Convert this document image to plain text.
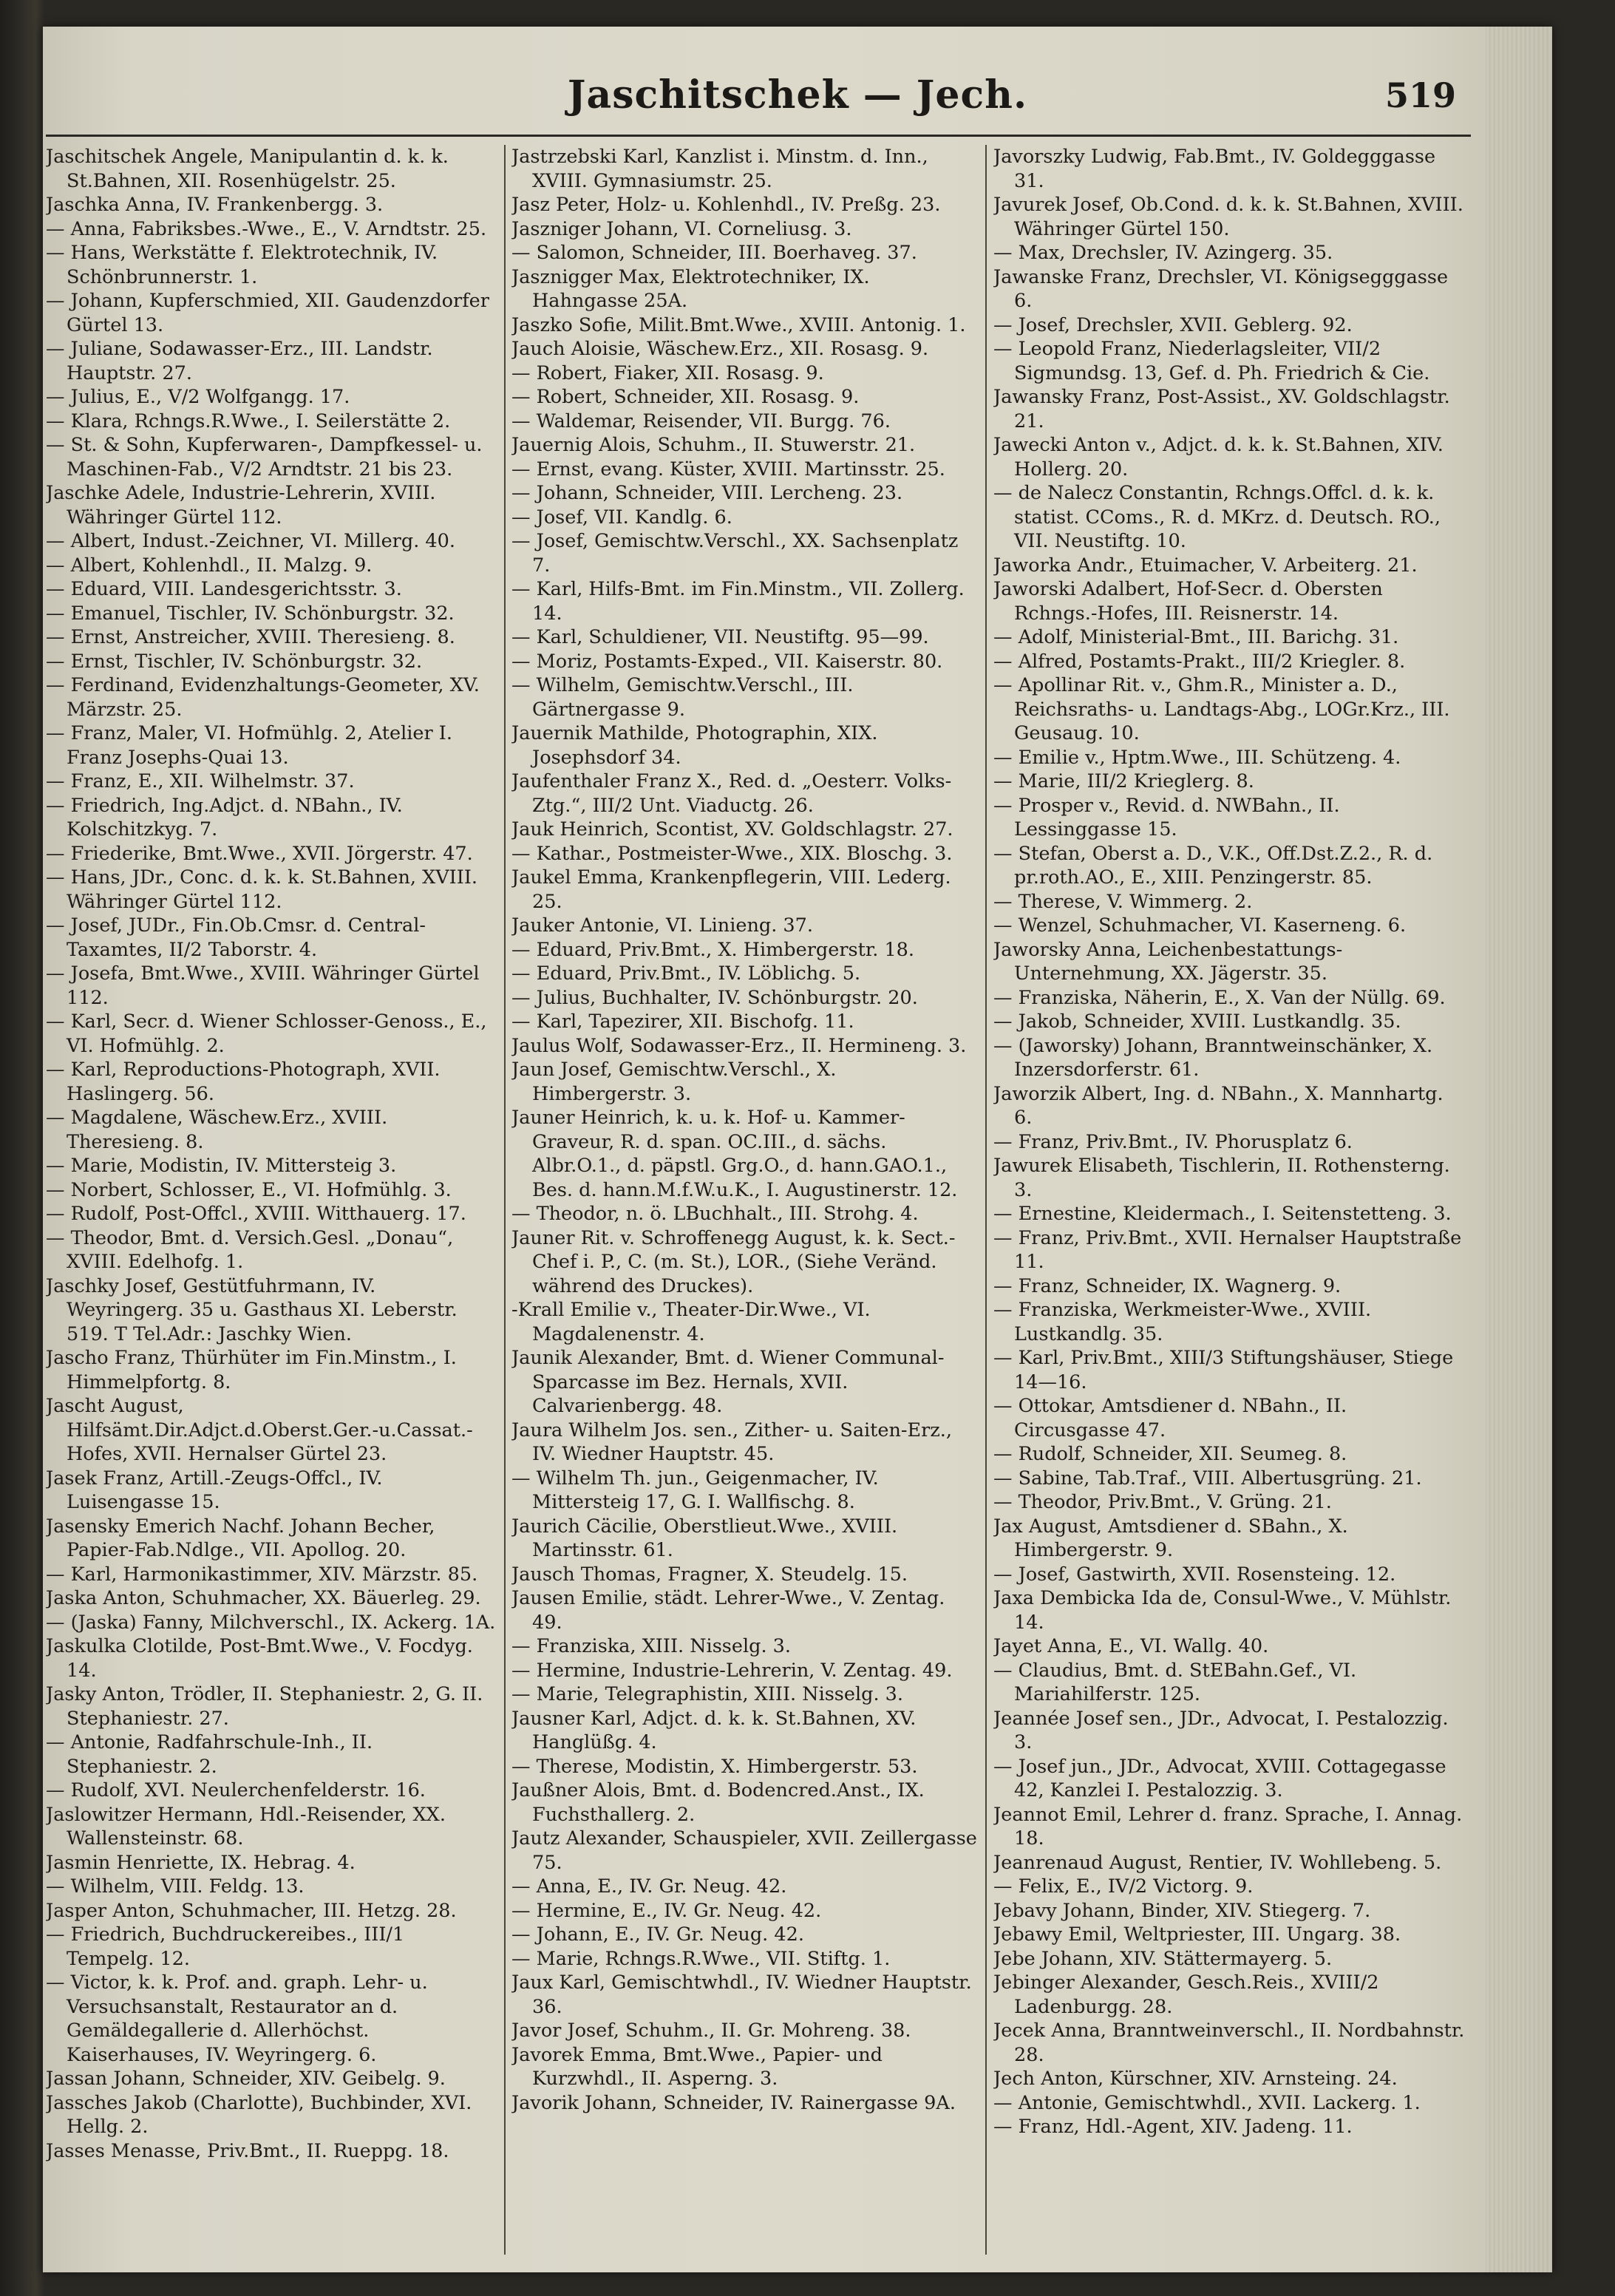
Jaschitschek — Jech.	519

Jaschitschek Angele, Manipulantin d. k. k. St.Bahnen, XII. Rosenhügelstr. 25.

Jaschka Anna, IV. Frankenbergg. 3.

— Anna, Fabriksbes.-Wwe., E., V. Arndtstr. 25.

— Hans, Werkstätte f. Elektrotechnik, IV. Schönbrunnerstr. 1.

— Johann, Kupferschmied, XII. Gaudenzdorfer Gürtel 13.

— Juliane, Sodawasser-Erz., III. Landstr. Hauptstr. 27.

— Julius, E., V/2 Wolfgangg. 17.

— Klara, Rchngs.R.Wwe., I. Seilerstätte 2.

— St. & Sohn, Kupferwaren-, Dampfkessel- u. Maschinen-Fab., V/2 Arndtstr. 21 bis 23.

Jaschke Adele, Industrie-Lehrerin, XVIII. Währinger Gürtel 112.

— Albert, Indust.-Zeichner, VI. Millerg. 40.

— Albert, Kohlenhdl., II. Malzg. 9.

— Eduard, VIII. Landesgerichtsstr. 3.

— Emanuel, Tischler, IV. Schönburgstr. 32.

— Ernst, Anstreicher, XVIII. Theresieng. 8.

— Ernst, Tischler, IV. Schönburgstr. 32.

— Ferdinand, Evidenzhaltungs-Geometer, XV. Märzstr. 25.

— Franz, Maler, VI. Hofmühlg. 2, Atelier I. Franz Josephs-Quai 13.

— Franz, E., XII. Wilhelmstr. 37.

— Friedrich, Ing.Adjct. d. NBahn., IV. Kolschitzkyg. 7.

— Friederike, Bmt.Wwe., XVII. Jörgerstr. 47.

— Hans, JDr., Conc. d. k. k. St.Bahnen, XVIII. Währinger Gürtel 112.

— Josef, JUDr., Fin.Ob.Cmsr. d. Central-Taxamtes, II/2 Taborstr. 4.

— Josefa, Bmt.Wwe., XVIII. Währinger Gürtel 112.

— Karl, Secr. d. Wiener Schlosser-Genoss., E., VI. Hofmühlg. 2.

— Karl, Reproductions-Photograph, XVII. Haslingerg. 56.

— Magdalene, Wäschew.Erz., XVIII. Theresieng. 8.

— Marie, Modistin, IV. Mittersteig 3.

— Norbert, Schlosser, E., VI. Hofmühlg. 3.

— Rudolf, Post-Offcl., XVIII. Witthauerg. 17.

— Theodor, Bmt. d. Versich.Gesl. „Donau“, XVIII. Edelhofg. 1.

Jaschky Josef, Gestütfuhrmann, IV. Weyringerg. 35 u. Gasthaus XI. Leberstr. 519. T Tel.Adr.: Jaschky Wien.

Jascho Franz, Thürhüter im Fin.Minstm., I. Himmelpfortg. 8.

Jascht August, Hilfsämt.Dir.Adjct.d.Oberst.Ger.-u.Cassat.-Hofes, XVII. Hernalser Gürtel 23.

Jasek Franz, Artill.-Zeugs-Offcl., IV. Luisengasse 15.

Jasensky Emerich Nachf. Johann Becher, Papier-Fab.Ndlge., VII. Apollog. 20.

— Karl, Harmonikastimmer, XIV. Märzstr. 85.

Jaska Anton, Schuhmacher, XX. Bäuerleg. 29.

— (Jaska) Fanny, Milchverschl., IX. Ackerg. 1A.

Jaskulka Clotilde, Post-Bmt.Wwe., V. Focdyg. 14.

Jasky Anton, Trödler, II. Stephaniestr. 2, G. II. Stephaniestr. 27.

— Antonie, Radfahrschule-Inh., II. Stephaniestr. 2.

— Rudolf, XVI. Neulerchenfelderstr. 16.

Jaslowitzer Hermann, Hdl.-Reisender, XX. Wallensteinstr. 68.

Jasmin Henriette, IX. Hebrag. 4.

— Wilhelm, VIII. Feldg. 13.

Jasper Anton, Schuhmacher, III. Hetzg. 28.

— Friedrich, Buchdruckereibes., III/1 Tempelg. 12.

— Victor, k. k. Prof. and. graph. Lehr- u. Versuchsanstalt, Restaurator an d. Gemäldegallerie d. Allerhöchst. Kaiserhauses, IV. Weyringerg. 6.

Jassan Johann, Schneider, XIV. Geibelg. 9.

Jassches Jakob (Charlotte), Buchbinder, XVI. Hellg. 2.

Jasses Menasse, Priv.Bmt., II. Rueppg. 18.

Jastrzebski Karl, Kanzlist i. Minstm. d. Inn., XVIII. Gymnasiumstr. 25.

Jasz Peter, Holz- u. Kohlenhdl., IV. Preßg. 23.

Jaszniger Johann, VI. Corneliusg. 3.

— Salomon, Schneider, III. Boerhaveg. 37.

Jasznigger Max, Elektrotechniker, IX. Hahngasse 25A.

Jaszko Sofie, Milit.Bmt.Wwe., XVIII. Antonig. 1.

Jauch Aloisie, Wäschew.Erz., XII. Rosasg. 9.

— Robert, Fiaker, XII. Rosasg. 9.

— Robert, Schneider, XII. Rosasg. 9.

— Waldemar, Reisender, VII. Burgg. 76.

Jauernig Alois, Schuhm., II. Stuwerstr. 21.

— Ernst, evang. Küster, XVIII. Martinsstr. 25.

— Johann, Schneider, VIII. Lercheng. 23.

— Josef, VII. Kandlg. 6.

— Josef, Gemischtw.Verschl., XX. Sachsenplatz 7.

— Karl, Hilfs-Bmt. im Fin.Minstm., VII. Zollerg. 14.

— Karl, Schuldiener, VII. Neustiftg. 95—99.

— Moriz, Postamts-Exped., VII. Kaiserstr. 80.

— Wilhelm, Gemischtw.Verschl., III. Gärtnergasse 9.

Jauernik Mathilde, Photographin, XIX. Josephsdorf 34.

Jaufenthaler Franz X., Red. d. „Oesterr. Volks-Ztg.“, III/2 Unt. Viaductg. 26.

Jauk Heinrich, Scontist, XV. Goldschlagstr. 27.

— Kathar., Postmeister-Wwe., XIX. Bloschg. 3.

Jaukel Emma, Krankenpflegerin, VIII. Lederg. 25.

Jauker Antonie, VI. Linieng. 37.

— Eduard, Priv.Bmt., X. Himbergerstr. 18.

— Eduard, Priv.Bmt., IV. Löblichg. 5.

— Julius, Buchhalter, IV. Schönburgstr. 20.

— Karl, Tapezirer, XII. Bischofg. 11.

Jaulus Wolf, Sodawasser-Erz., II. Hermineng. 3.

Jaun Josef, Gemischtw.Verschl., X. Himbergerstr. 3.

Jauner Heinrich, k. u. k. Hof- u. Kammer-Graveur, R. d. span. OC.III., d. sächs. Albr.O.1., d. päpstl. Grg.O., d. hann.GAO.1., Bes. d. hann.M.f.W.u.K., I. Augustinerstr. 12.

— Theodor, n. ö. LBuchhalt., III. Strohg. 4.

Jauner Rit. v. Schroffenegg August, k. k. Sect.-Chef i. P., C. (m. St.), LOR., (Siehe Veränd. während des Druckes).

-Krall Emilie v., Theater-Dir.Wwe., VI. Magdalenenstr. 4.

Jaunik Alexander, Bmt. d. Wiener Communal-Sparcasse im Bez. Hernals, XVII. Calvarienbergg. 48.

Jaura Wilhelm Jos. sen., Zither- u. Saiten-Erz., IV. Wiedner Hauptstr. 45.

— Wilhelm Th. jun., Geigenmacher, IV. Mittersteig 17, G. I. Wallfischg. 8.

Jaurich Cäcilie, Oberstlieut.Wwe., XVIII. Martinsstr. 61.

Jausch Thomas, Fragner, X. Steudelg. 15.

Jausen Emilie, städt. Lehrer-Wwe., V. Zentag. 49.

— Franziska, XIII. Nisselg. 3.

— Hermine, Industrie-Lehrerin, V. Zentag. 49.

— Marie, Telegraphistin, XIII. Nisselg. 3.

Jausner Karl, Adjct. d. k. k. St.Bahnen, XV. Hanglüßg. 4.

— Therese, Modistin, X. Himbergerstr. 53.

Jaußner Alois, Bmt. d. Bodencred.Anst., IX. Fuchsthallerg. 2.

Jautz Alexander, Schauspieler, XVII. Zeillergasse 75.

— Anna, E., IV. Gr. Neug. 42.

— Hermine, E., IV. Gr. Neug. 42.

— Johann, E., IV. Gr. Neug. 42.

— Marie, Rchngs.R.Wwe., VII. Stiftg. 1.

Jaux Karl, Gemischtwhdl., IV. Wiedner Hauptstr. 36.

Javor Josef, Schuhm., II. Gr. Mohreng. 38.

Javorek Emma, Bmt.Wwe., Papier- und Kurzwhdl., II. Asperng. 3.

Javorik Johann, Schneider, IV. Rainergasse 9A.

Javorszky Ludwig, Fab.Bmt., IV. Goldegggasse 31.

Javurek Josef, Ob.Cond. d. k. k. St.Bahnen, XVIII. Währinger Gürtel 150.

— Max, Drechsler, IV. Azingerg. 35.

Jawanske Franz, Drechsler, VI. Königsegggasse 6.

— Josef, Drechsler, XVII. Geblerg. 92.

— Leopold Franz, Niederlagsleiter, VII/2 Sigmundsg. 13, Gef. d. Ph. Friedrich & Cie.

Jawansky Franz, Post-Assist., XV. Goldschlagstr. 21.

Jawecki Anton v., Adjct. d. k. k. St.Bahnen, XIV. Hollerg. 20.

— de Nalecz Constantin, Rchngs.Offcl. d. k. k. statist. CComs., R. d. MKrz. d. Deutsch. RO., VII. Neustiftg. 10.

Jaworka Andr., Etuimacher, V. Arbeiterg. 21.

Jaworski Adalbert, Hof-Secr. d. Obersten Rchngs.-Hofes, III. Reisnerstr. 14.

— Adolf, Ministerial-Bmt., III. Barichg. 31.

— Alfred, Postamts-Prakt., III/2 Kriegler. 8.

— Apollinar Rit. v., Ghm.R., Minister a. D., Reichsraths- u. Landtags-Abg., LOGr.Krz., III. Geusaug. 10.

— Emilie v., Hptm.Wwe., III. Schützeng. 4.

— Marie, III/2 Krieglerg. 8.

— Prosper v., Revid. d. NWBahn., II. Lessinggasse 15.

— Stefan, Oberst a. D., V.K., Off.Dst.Z.2., R. d. pr.roth.AO., E., XIII. Penzingerstr. 85.

— Therese, V. Wimmerg. 2.

— Wenzel, Schuhmacher, VI. Kaserneng. 6.

Jaworsky Anna, Leichenbestattungs-Unternehmung, XX. Jägerstr. 35.

— Franziska, Näherin, E., X. Van der Nüllg. 69.

— Jakob, Schneider, XVIII. Lustkandlg. 35.

— (Jaworsky) Johann, Branntweinschänker, X. Inzersdorferstr. 61.

Jaworzik Albert, Ing. d. NBahn., X. Mannhartg. 6.

— Franz, Priv.Bmt., IV. Phorusplatz 6.

Jawurek Elisabeth, Tischlerin, II. Rothensterng. 3.

— Ernestine, Kleidermach., I. Seitenstetteng. 3.

— Franz, Priv.Bmt., XVII. Hernalser Hauptstraße 11.

— Franz, Schneider, IX. Wagnerg. 9.

— Franziska, Werkmeister-Wwe., XVIII. Lustkandlg. 35.

— Karl, Priv.Bmt., XIII/3 Stiftungshäuser, Stiege 14—16.

— Ottokar, Amtsdiener d. NBahn., II. Circusgasse 47.

— Rudolf, Schneider, XII. Seumeg. 8.

— Sabine, Tab.Traf., VIII. Albertusgrüng. 21.

— Theodor, Priv.Bmt., V. Grüng. 21.

Jax August, Amtsdiener d. SBahn., X. Himbergerstr. 9.

— Josef, Gastwirth, XVII. Rosensteing. 12.

Jaxa Dembicka Ida de, Consul-Wwe., V. Mühlstr. 14.

Jayet Anna, E., VI. Wallg. 40.

— Claudius, Bmt. d. StEBahn.Gef., VI. Mariahilferstr. 125.

Jeannée Josef sen., JDr., Advocat, I. Pestalozzig. 3.

— Josef jun., JDr., Advocat, XVIII. Cottagegasse 42, Kanzlei I. Pestalozzig. 3.

Jeannot Emil, Lehrer d. franz. Sprache, I. Annag. 18.

Jeanrenaud August, Rentier, IV. Wohllebeng. 5.

— Felix, E., IV/2 Victorg. 9.

Jebavy Johann, Binder, XIV. Stiegerg. 7.

Jebawy Emil, Weltpriester, III. Ungarg. 38.

Jebe Johann, XIV. Stättermayerg. 5.

Jebinger Alexander, Gesch.Reis., XVIII/2 Ladenburgg. 28.

Jecek Anna, Branntweinverschl., II. Nordbahnstr. 28.

Jech Anton, Kürschner, XIV. Arnsteing. 24.

— Antonie, Gemischtwhdl., XVII. Lackerg. 1.

— Franz, Hdl.-Agent, XIV. Jadeng. 11.
